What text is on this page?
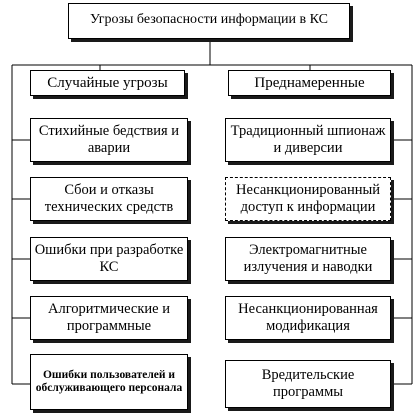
Угрозы безопасности информации в КС
Случайные угрозы	Преднамеренные
Стихийные бедствия и аварии
Сбои и отказы технических средств
Ошибки при разработке КС
Алгоритмические и программные
Ошибки пользователей и обслуживающего персонала
Традиционный шпионаж и диверсии
Несанкционированный доступ к информации
Электромагнитные излучения и наводки
Несанкционированная модификация
Вредительские программы
